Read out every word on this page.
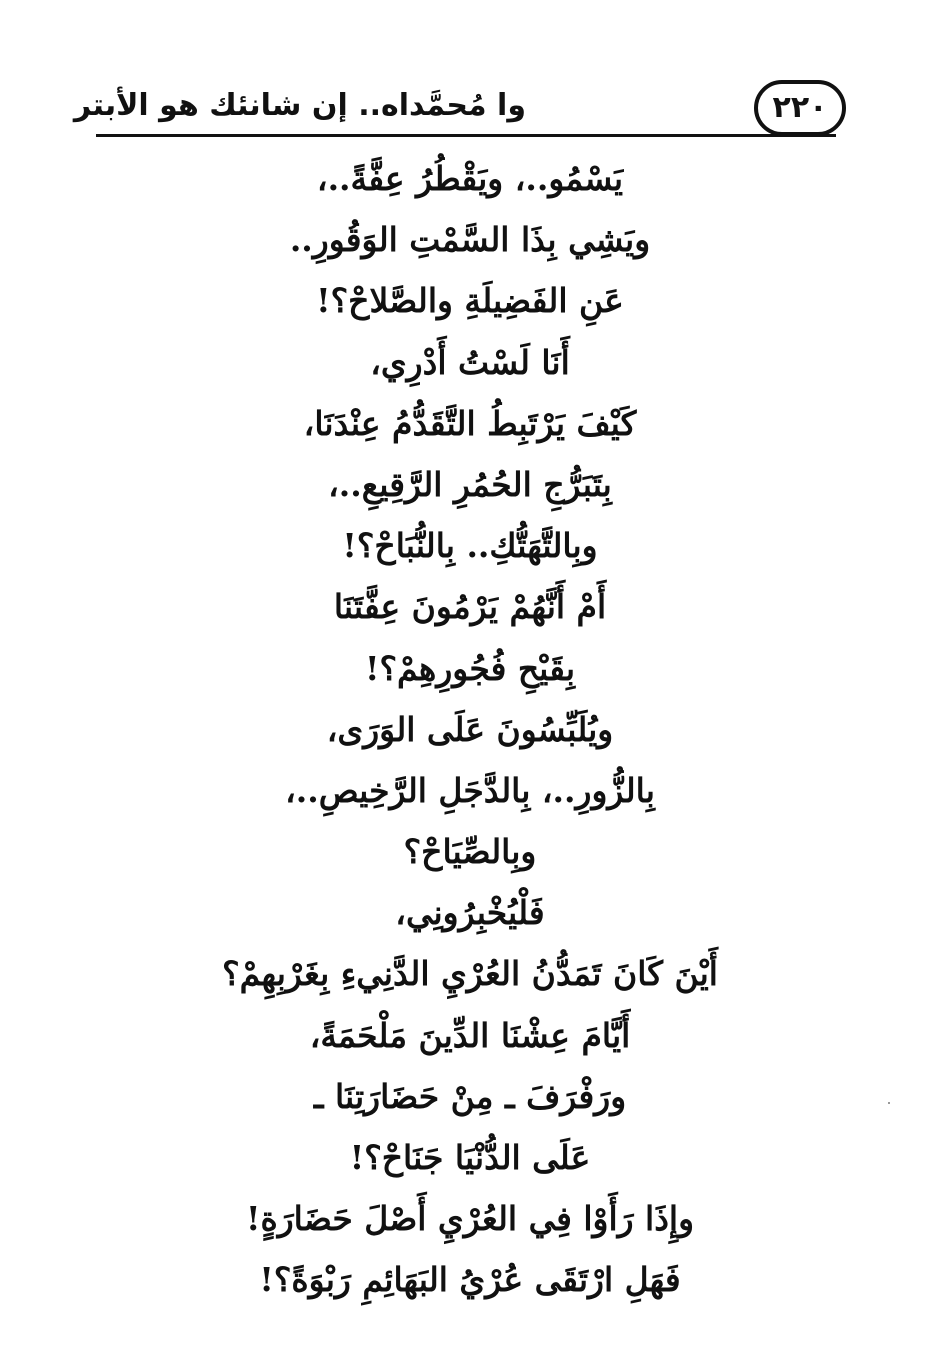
وا مُحمَّداه.. إن شانئك هو الأبتر	٢٢٠
يَسْمُو..، ويَقْطُرُ عِفَّةً..،
ويَشِي بِذَا السَّمْتِ الوَقُورِ..
عَنِ الفَضِيلَةِ والصَّلاحْ؟!
أَنَا لَسْتُ أَدْرِي،
كَيْفَ يَرْتَبِطُ التَّقَدُّمُ عِنْدَنَا،
بِتَبَرُّجِ الحُمُرِ الرَّقِيعِ..،
وبِالتَّهَتُّكِ.. بِالنُّبَاحْ؟!
أَمْ أَنَّهُمْ يَرْمُونَ عِفَّتَنَا
بِقَيْحِ فُجُورِهِمْ؟!
ويُلَبِّسُونَ عَلَى الوَرَى،
بِالزُّورِ..، بِالدَّجَلِ الرَّخِيصِ..،
وبِالصِّيَاحْ؟
فَلْيُخْبِرُونِي،
أَيْنَ كَانَ تَمَدُّنُ العُرْيِ الدَّنِيءِ بِغَرْبِهِمْ؟
أَيَّامَ عِشْنَا الدِّينَ مَلْحَمَةً،
ورَفْرَفَ ـ مِنْ حَضَارَتِنَا ـ
عَلَى الدُّنْيَا جَنَاحْ؟!
وإِذَا رَأَوْا فِي العُرْيِ أَصْلَ حَضَارَةٍ!
فَهَلِ ارْتَقَى عُرْيُ البَهَائِمِ رَبْوَةً؟!
